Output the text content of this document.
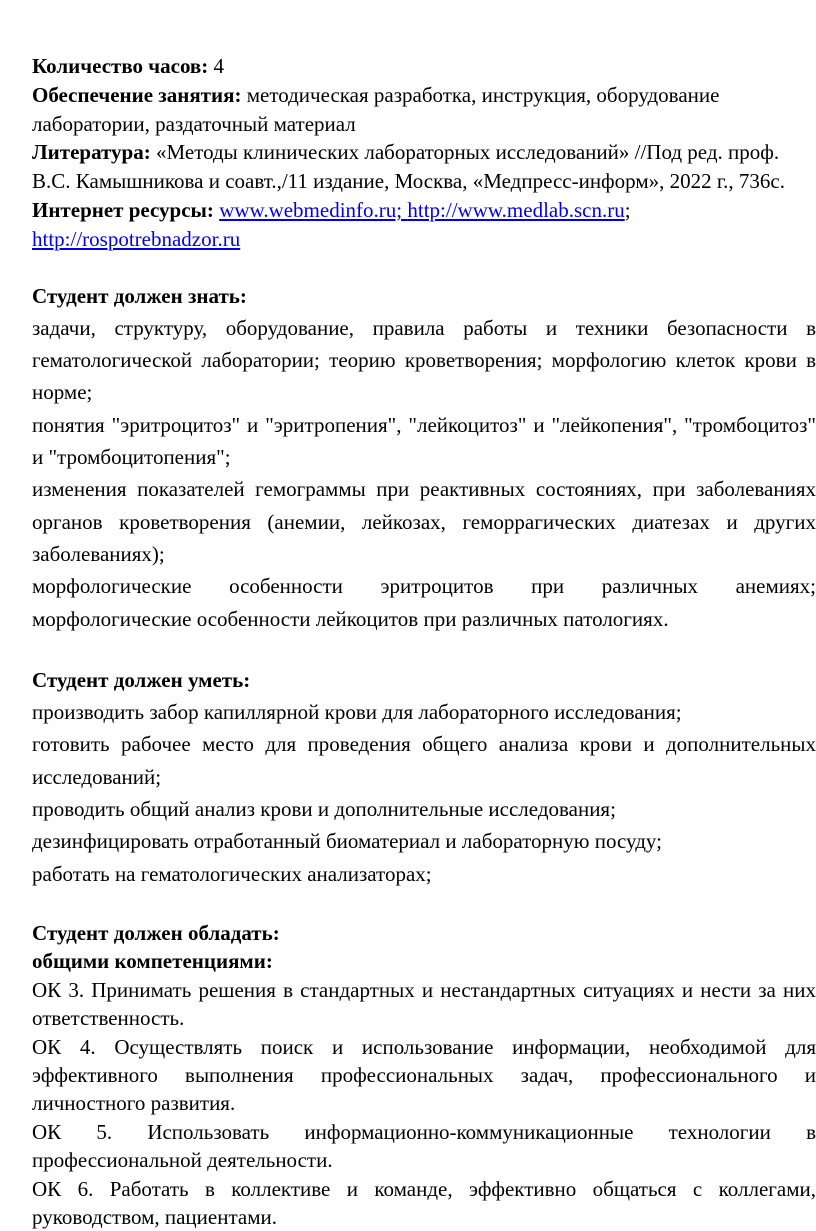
Количество часов: 4

Обеспечение занятия: методическая разработка, инструкция, оборудование лаборатории, раздаточный материал

Литература: «Методы клинических лабораторных исследований» //Под ред. проф. В.С. Камышникова и соавт.,/11 издание, Москва, «Медпресс-информ», 2022 г., 736с.

Интернет ресурсы: www.webmedinfo.ru; http://www.medlab.scn.ru; http://rospotrebnadzor.ru

Студент должен знать:

задачи, структуру, оборудование, правила работы и техники безопасности в гематологической лаборатории; теорию кроветворения; морфологию клеток крови в норме;

понятия "эритроцитоз" и "эритропения", "лейкоцитоз" и "лейкопения", "тромбоцитоз" и "тромбоцитопения";

изменения показателей гемограммы при реактивных состояниях, при заболеваниях органов кроветворения (анемии, лейкозах, геморрагических диатезах и других заболеваниях);

морфологические особенности эритроцитов при различных анемиях; морфологические особенности лейкоцитов при различных патологиях.

Студент должен уметь:

производить забор капиллярной крови для лабораторного исследования;

готовить рабочее место для проведения общего анализа крови и дополнительных исследований;

проводить общий анализ крови и дополнительные исследования;

дезинфицировать отработанный биоматериал и лабораторную посуду;

работать на гематологических анализаторах;

Студент должен обладать:

общими компетенциями:

ОК 3. Принимать решения в стандартных и нестандартных ситуациях и нести за них ответственность.

ОК 4. Осуществлять поиск и использование информации, необходимой для эффективного выполнения профессиональных задач, профессионального и личностного развития.

ОК 5. Использовать информационно-коммуникационные технологии в профессиональной деятельности.

ОК 6. Работать в коллективе и команде, эффективно общаться с коллегами, руководством, пациентами.
